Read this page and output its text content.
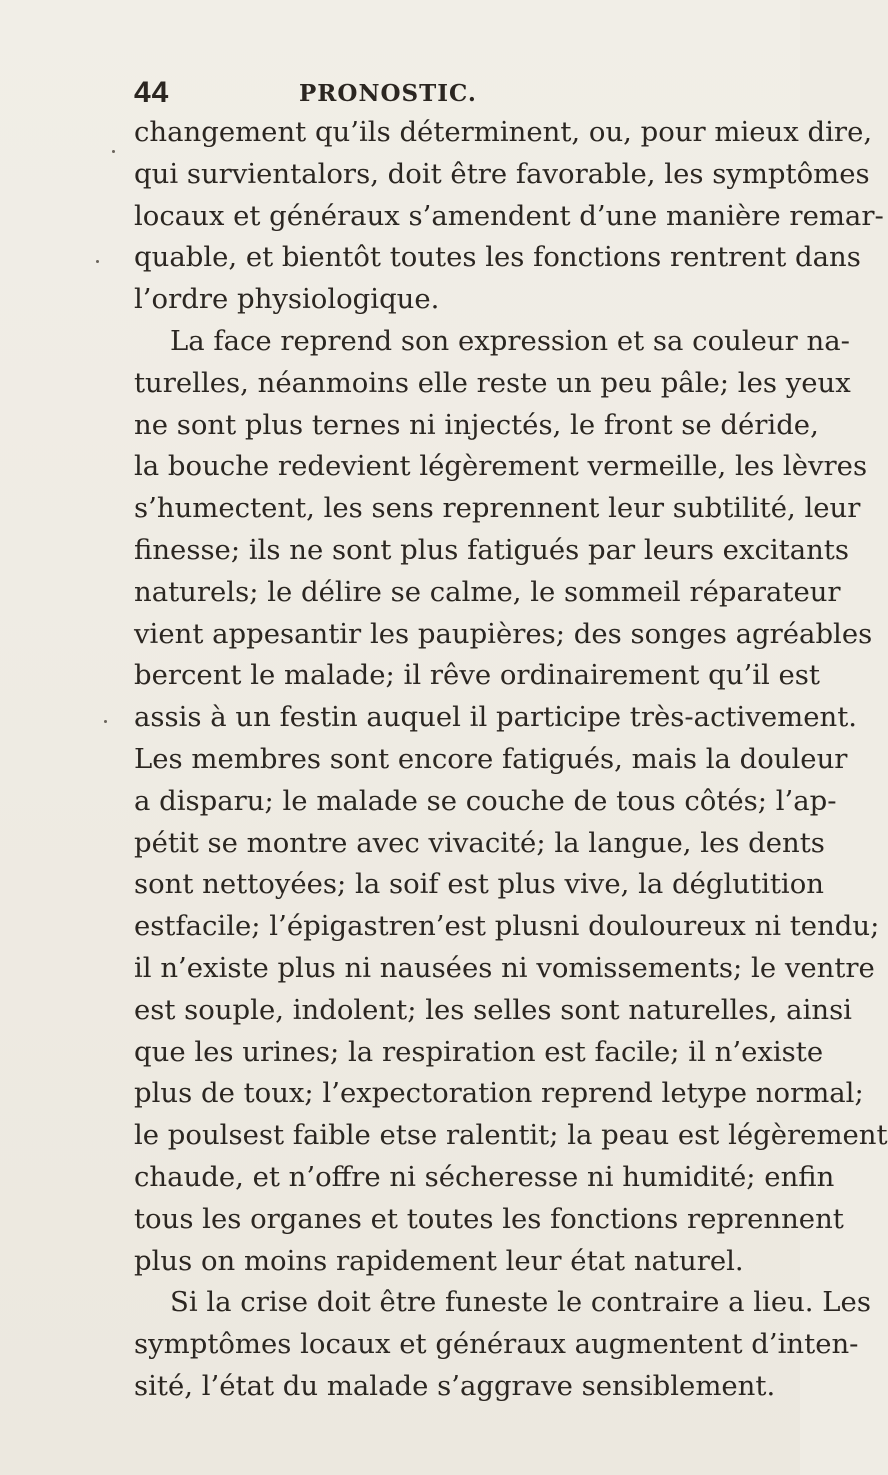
44	PRONOSTIC.
changement qu’ils déterminent, ou, pour mieux dire,
qui survientalors, doit être favorable, les symptômes
locaux et généraux s’amendent d’une manière remar-
quable, et bientôt toutes les fonctions rentrent dans
l’ordre physiologique.
La face reprend son expression et sa couleur na-
turelles, néanmoins elle reste un peu pâle; les yeux
ne sont plus ternes ni injectés, le front se déride,
la bouche redevient légèrement vermeille, les lèvres
s’humectent, les sens reprennent leur subtilité, leur
finesse; ils ne sont plus fatigués par leurs excitants
naturels; le délire se calme, le sommeil réparateur
vient appesantir les paupières; des songes agréables
bercent le malade; il rêve ordinairement qu’il est
assis à un festin auquel il participe très-activement.
Les membres sont encore fatigués, mais la douleur
a disparu; le malade se couche de tous côtés; l’ap-
pétit se montre avec vivacité; la langue, les dents
sont nettoyées; la soif est plus vive, la déglutition
estfacile; l’épigastren’est plusni douloureux ni tendu;
il n’existe plus ni nausées ni vomissements; le ventre
est souple, indolent; les selles sont naturelles, ainsi
que les urines; la respiration est facile; il n’existe
plus de toux; l’expectoration reprend letype normal;
le poulsest faible etse ralentit; la peau est légèrement
chaude, et n’offre ni sécheresse ni humidité; enfin
tous les organes et toutes les fonctions reprennent
plus on moins rapidement leur état naturel.
Si la crise doit être funeste le contraire a lieu. Les
symptômes locaux et généraux augmentent d’inten-
sité, l’état du malade s’aggrave sensiblement.
